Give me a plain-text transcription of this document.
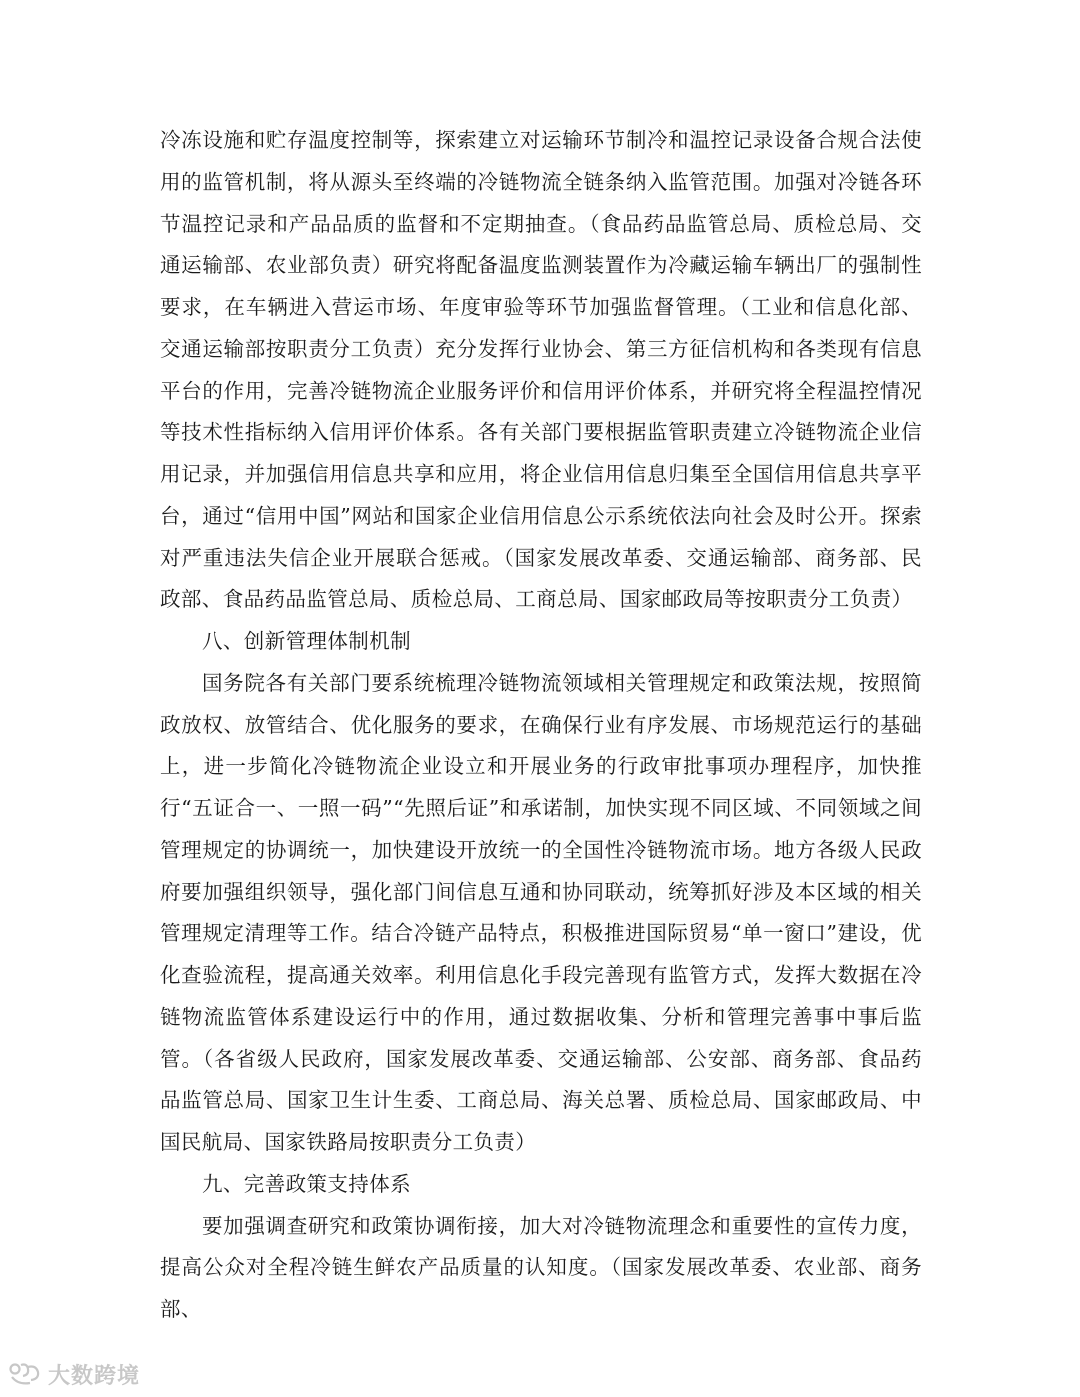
冷冻设施和贮存温度控制等，探索建立对运输环节制冷和温控记录设备合规合法使用的监管机制，将从源头至终端的冷链物流全链条纳入监管范围。加强对冷链各环节温控记录和产品品质的监督和不定期抽查。（食品药品监管总局、质检总局、交通运输部、农业部负责）研究将配备温度监测装置作为冷藏运输车辆出厂的强制性要求，在车辆进入营运市场、年度审验等环节加强监督管理。（工业和信息化部、交通运输部按职责分工负责）充分发挥行业协会、第三方征信机构和各类现有信息平台的作用，完善冷链物流企业服务评价和信用评价体系，并研究将全程温控情况等技术性指标纳入信用评价体系。各有关部门要根据监管职责建立冷链物流企业信用记录，并加强信用信息共享和应用，将企业信用信息归集至全国信用信息共享平台，通过“信用中国”网站和国家企业信用信息公示系统依法向社会及时公开。探索对严重违法失信企业开展联合惩戒。（国家发展改革委、交通运输部、商务部、民政部、食品药品监管总局、质检总局、工商总局、国家邮政局等按职责分工负责）

八、创新管理体制机制

国务院各有关部门要系统梳理冷链物流领域相关管理规定和政策法规，按照简政放权、放管结合、优化服务的要求，在确保行业有序发展、市场规范运行的基础上，进一步简化冷链物流企业设立和开展业务的行政审批事项办理程序，加快推行“五证合一、一照一码”“先照后证”和承诺制，加快实现不同区域、不同领域之间管理规定的协调统一，加快建设开放统一的全国性冷链物流市场。地方各级人民政府要加强组织领导，强化部门间信息互通和协同联动，统筹抓好涉及本区域的相关管理规定清理等工作。结合冷链产品特点，积极推进国际贸易“单一窗口”建设，优化查验流程，提高通关效率。利用信息化手段完善现有监管方式，发挥大数据在冷链物流监管体系建设运行中的作用，通过数据收集、分析和管理完善事中事后监管。（各省级人民政府，国家发展改革委、交通运输部、公安部、商务部、食品药品监管总局、国家卫生计生委、工商总局、海关总署、质检总局、国家邮政局、中国民航局、国家铁路局按职责分工负责）

九、完善政策支持体系

要加强调查研究和政策协调衔接，加大对冷链物流理念和重要性的宣传力度，提高公众对全程冷链生鲜农产品质量的认知度。（国家发展改革委、农业部、商务部、

大数跨境
